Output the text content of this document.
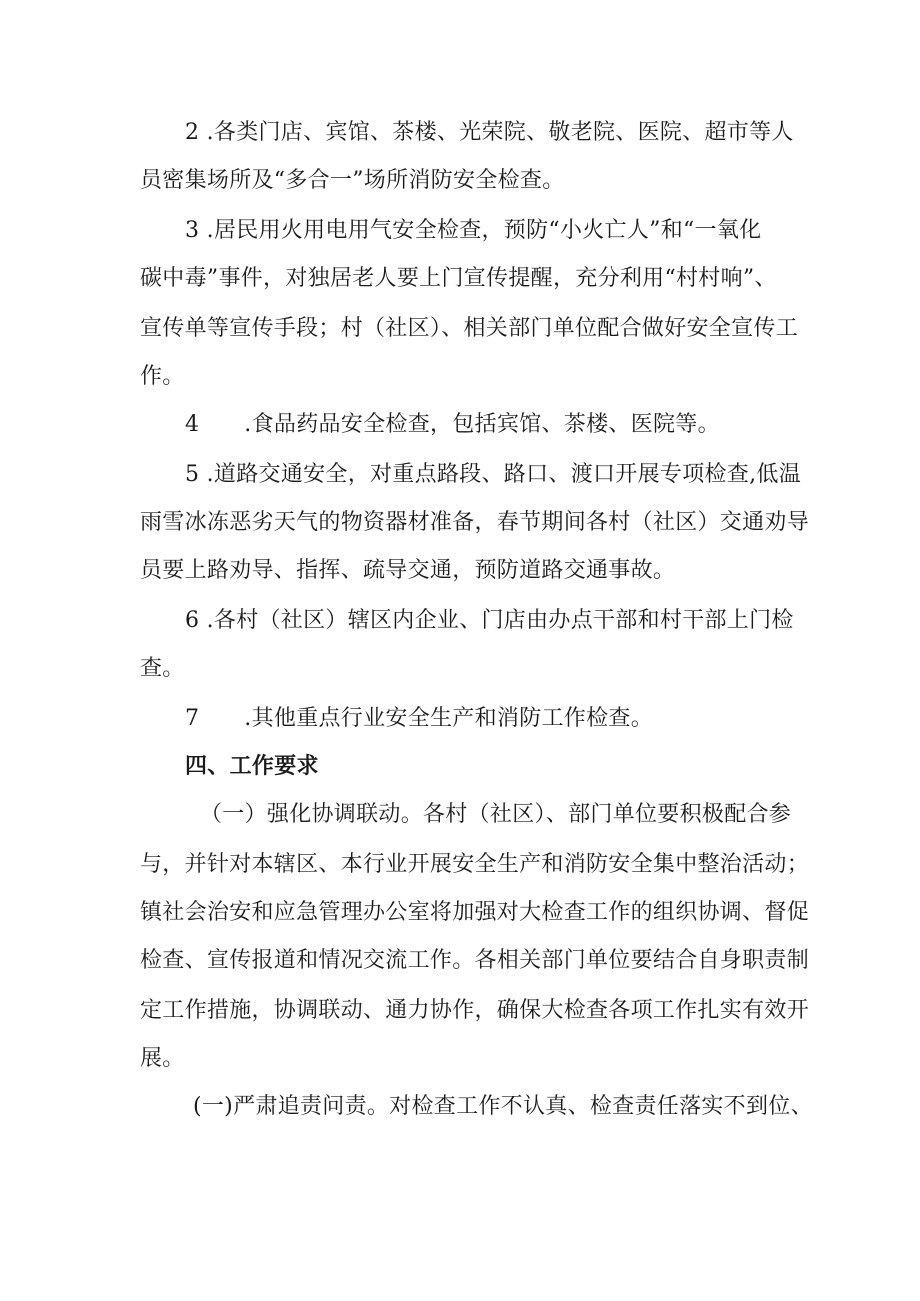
2 .各类门店、宾馆、茶楼、光荣院、敬老院、医院、超市等人
员密集场所及“多合一”场所消防安全检查。
3 .居民用火用电用气安全检查，预防“小火亡人”和“一氧化
碳中毒”事件，对独居老人要上门宣传提醒，充分利用“村村响”、
宣传单等宣传手段；村（社区）、相关部门单位配合做好安全宣传工
作。
4 .食品药品安全检查，包括宾馆、茶楼、医院等。
5 .道路交通安全，对重点路段、路口、渡口开展专项检查,低温
雨雪冰冻恶劣天气的物资器材准备，春节期间各村（社区）交通劝导
员要上路劝导、指挥、疏导交通，预防道路交通事故。
6 .各村（社区）辖区内企业、门店由办点干部和村干部上门检
查。
7 .其他重点行业安全生产和消防工作检查。
四、工作要求
（一）强化协调联动。各村（社区）、部门单位要积极配合参
与，并针对本辖区、本行业开展安全生产和消防安全集中整治活动；
镇社会治安和应急管理办公室将加强对大检查工作的组织协调、督促
检查、宣传报道和情况交流工作。各相关部门单位要结合自身职责制
定工作措施，协调联动、通力协作，确保大检查各项工作扎实有效开
展。
(一)严肃追责问责。对检查工作不认真、检查责任落实不到位、
